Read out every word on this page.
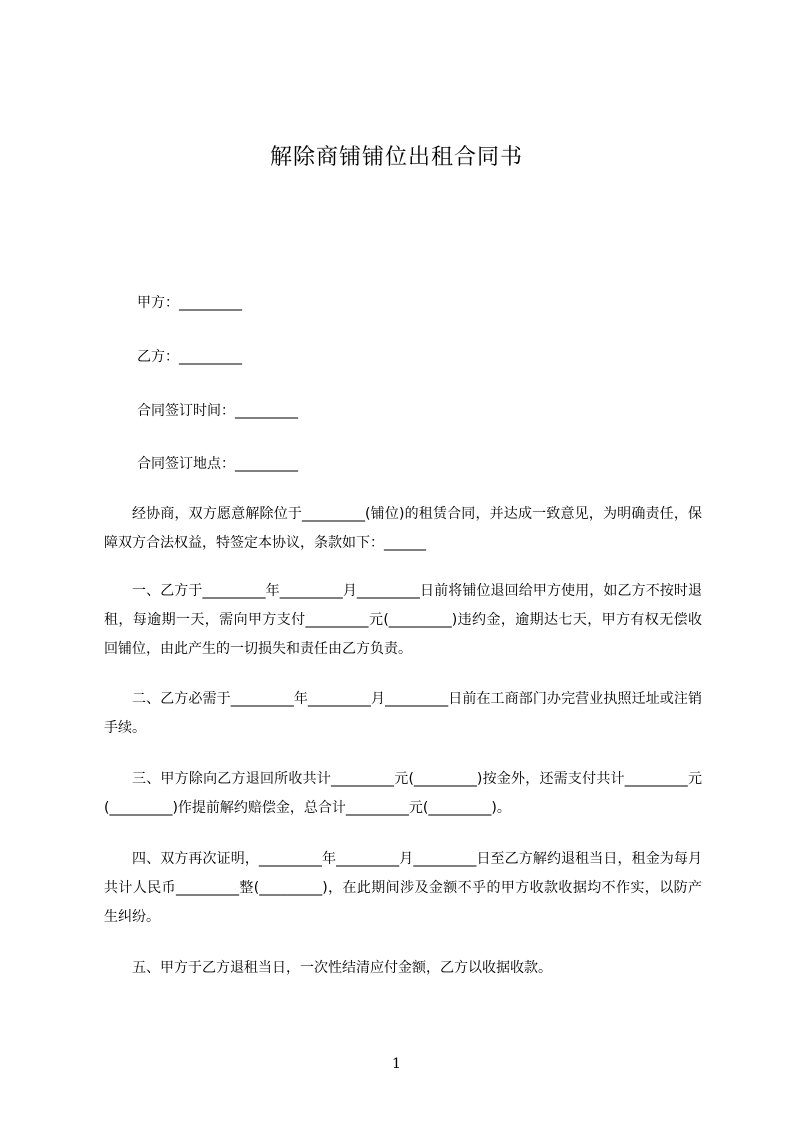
解除商铺铺位出租合同书
甲方：_________
乙方：_________
合同签订时间：_________
合同签订地点：_________

经协商，双方愿意解除位于_________(铺位)的租赁合同，并达成一致意见，为明确责任，保障双方合法权益，特签定本协议，条款如下：______

一、乙方于_________年_________月_________日前将铺位退回给甲方使用，如乙方不按时退租，每逾期一天，需向甲方支付_________元(_________)违约金，逾期达七天，甲方有权无偿收回铺位，由此产生的一切损失和责任由乙方负责。

二、乙方必需于_________年_________月_________日前在工商部门办完营业执照迁址或注销手续。

三、甲方除向乙方退回所收共计_________元(_________)按金外，还需支付共计_________元(_________)作提前解约赔偿金，总合计_________元(_________)。

四、双方再次证明，_________年_________月_________日至乙方解约退租当日，租金为每月共计人民币_________整(_________)，在此期间涉及金额不乎的甲方收款收据均不作实，以防产生纠纷。

五、甲方于乙方退租当日，一次性结清应付金额，乙方以收据收款。

1
